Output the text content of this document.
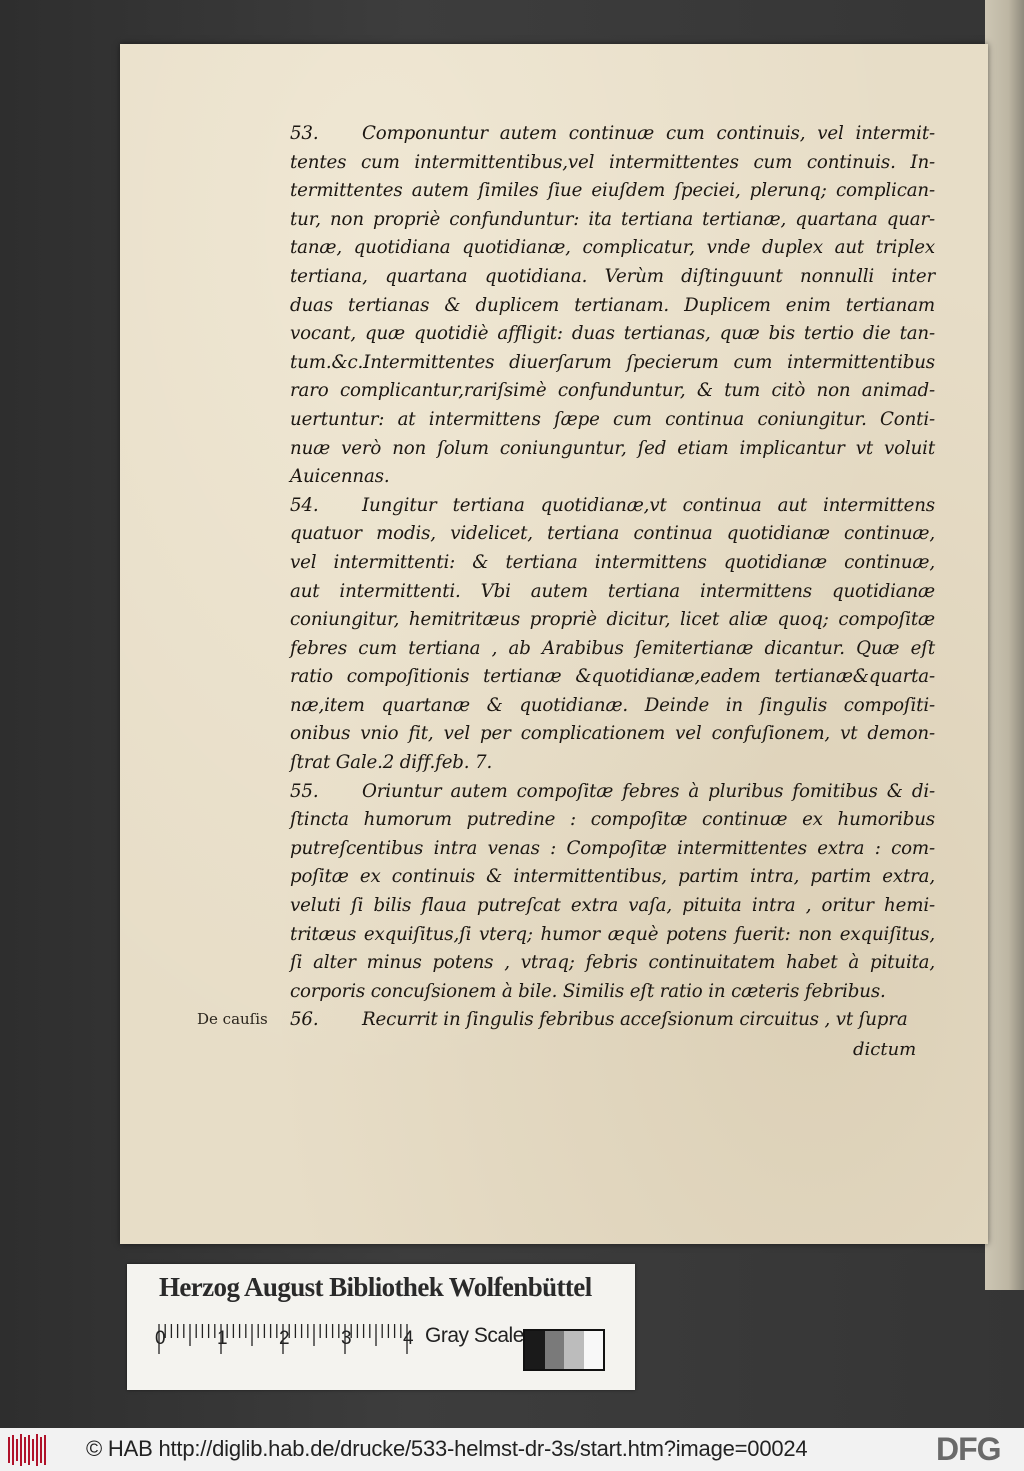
53. Componuntur autem continuæ cum continuis, vel intermit-
tentes cum intermittentibus,vel intermittentes cum continuis. In-
termittentes autem ſimiles ſiue eiuſdem ſpeciei, plerunq; complican-
tur, non propriè confunduntur: ita tertiana tertianæ, quartana quar-
tanæ, quotidiana quotidianæ, complicatur, vnde duplex aut triplex
tertiana, quartana quotidiana. Verùm diſtinguunt nonnulli inter
duas tertianas & duplicem tertianam. Duplicem enim tertianam
vocant, quæ quotidiè affligit: duas tertianas, quæ bis tertio die tan-
tum.&c.Intermittentes diuerſarum ſpecierum cum intermittentibus
raro complicantur,rariſsimè confunduntur, & tum citò non animad-
uertuntur: at intermittens ſæpe cum continua coniungitur. Conti-
nuæ verò non ſolum coniunguntur, ſed etiam implicantur vt voluit
Auicennas.
54. Iungitur tertiana quotidianæ,vt continua aut intermittens
quatuor modis, videlicet, tertiana continua quotidianæ continuæ,
vel intermittenti: & tertiana intermittens quotidianæ continuæ,
aut intermittenti. Vbi autem tertiana intermittens quotidianæ
coniungitur, hemitritæus propriè dicitur, licet aliæ quoq; compoſitæ
febres cum tertiana , ab Arabibus ſemitertianæ dicantur. Quæ eſt
ratio compoſitionis tertianæ &quotidianæ,eadem tertianæ&quarta-
næ,item quartanæ & quotidianæ. Deinde in ſingulis compoſiti-
onibus vnio fit, vel per complicationem vel confuſionem, vt demon-
ſtrat Gale.2 diff.feb. 7.
55. Oriuntur autem compoſitæ febres à pluribus fomitibus & di-
ſtincta humorum putredine : compoſitæ continuæ ex humoribus
putreſcentibus intra venas : Compoſitæ intermittentes extra : com-
poſitæ ex continuis & intermittentibus, partim intra, partim extra,
veluti ſi bilis flaua putreſcat extra vaſa, pituita intra , oritur hemi-
tritæus exquiſitus,ſi vterq; humor æquè potens fuerit: non exquiſitus,
ſi alter minus potens , vtraq; febris continuitatem habet à pituita,
corporis concuſsionem à bile. Similis eſt ratio in cæteris febribus.
56. Recurrit in ſingulis febribus acceſsionum circuitus , vt ſupra
De cauſis
dictum
Herzog August Bibliothek Wolfenbüttel
0	1	2	3	4 Gray Scale
© HAB http://diglib.hab.de/drucke/533-helmst-dr-3s/start.htm?image=00024	DFG
